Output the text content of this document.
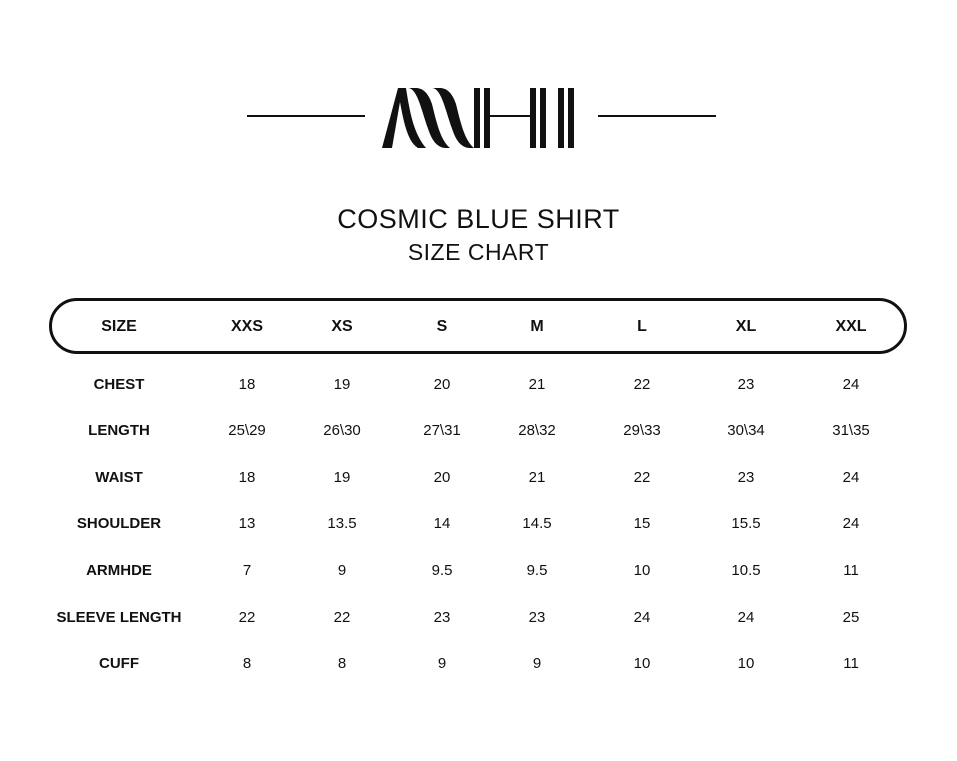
COSMIC BLUE SHIRT
SIZE CHART
SIZE	XXS	XS	S	M	L	XL	XXL
CHEST	18	19	20	21	22	23	24
LENGTH	25\29	26\30	27\31	28\32	29\33	30\34	31\35
WAIST	18	19	20	21	22	23	24
SHOULDER	13	13.5	14	14.5	15	15.5	24
ARMHDE	7	9	9.5	9.5	10	10.5	11
SLEEVE LENGTH	22	22	23	23	24	24	25
CUFF	8	8	9	9	10	10	11
